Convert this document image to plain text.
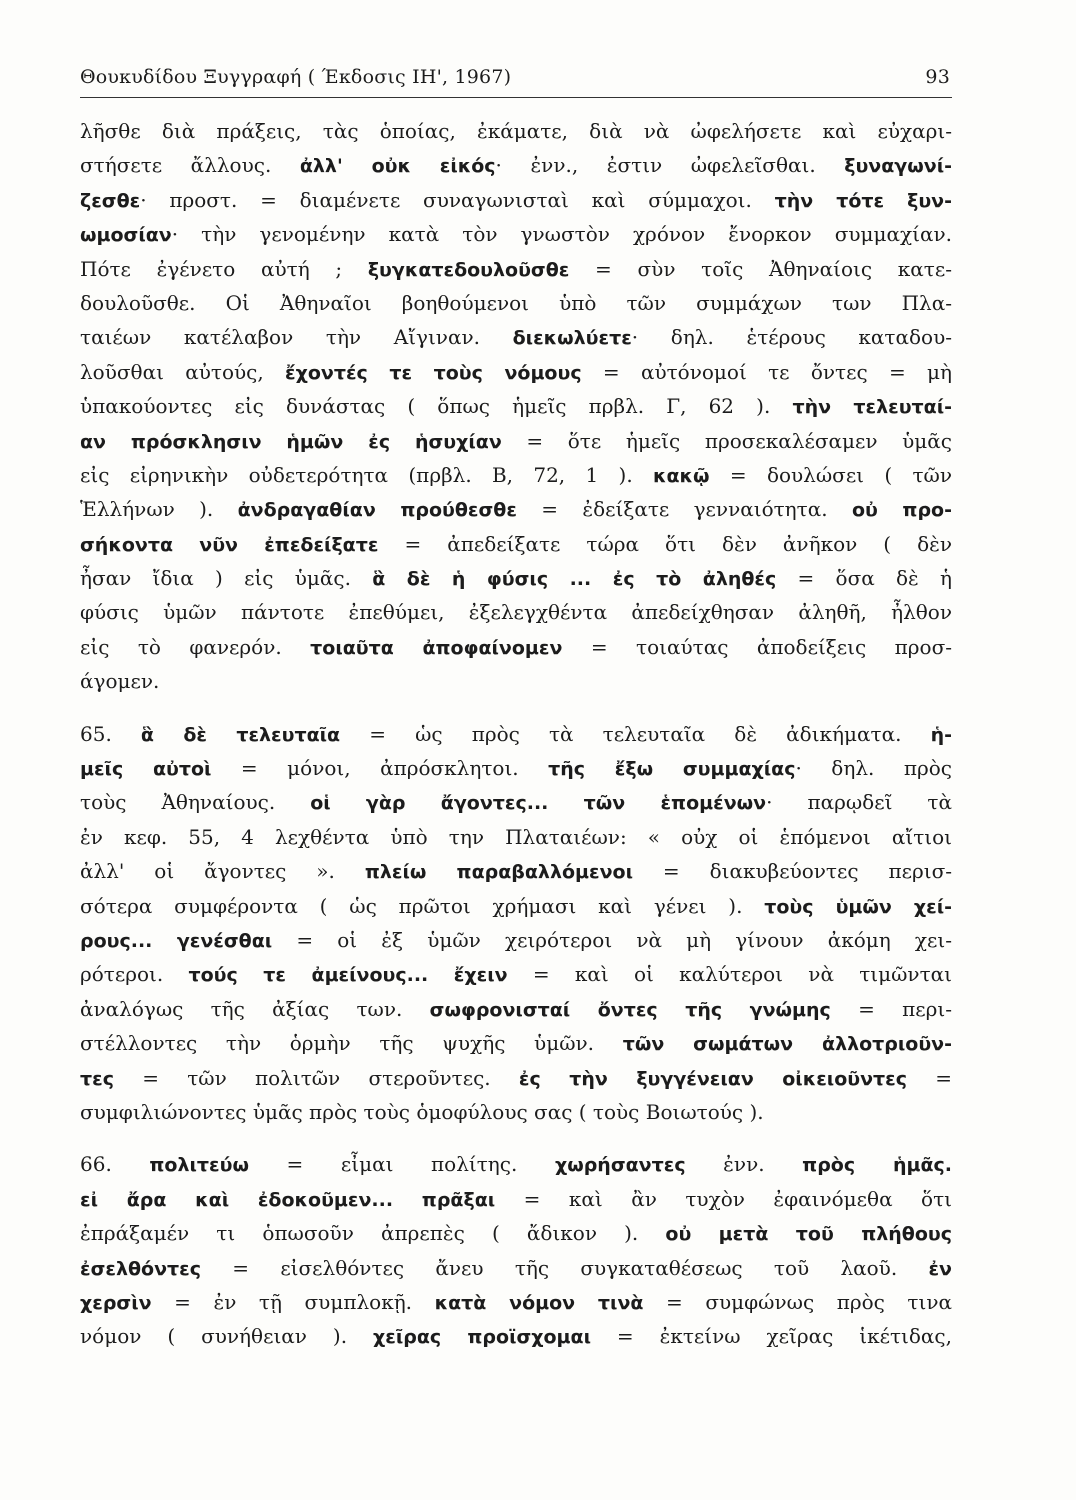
Θουκυδίδου Ξυγγραφή ( Έκδοσις ΙΗ', 1967)	93
λῆσθε διὰ πράξεις, τὰς ὁποίας, ἐκάματε, διὰ νὰ ὠφελήσετε καὶ εὐχαρι-
στήσετε ἄλλους. ἀλλ' οὐκ εἰκός· ἐνν., ἐστιν ὠφελεῖσθαι. ξυναγωνί-
ζεσθε· προστ. = διαμένετε συναγωνισταὶ καὶ σύμμαχοι. τὴν τότε ξυν-
ωμοσίαν· τὴν γενομένην κατὰ τὸν γνωστὸν χρόνον ἔνορκον συμμαχίαν.
Πότε ἐγένετο αὐτή ; ξυγκατεδουλοῦσθε = σὺν τοῖς Ἀθηναίοις κατε-
δουλοῦσθε. Οἱ Ἀθηναῖοι βοηθούμενοι ὑπὸ τῶν συμμάχων των Πλα-
ταιέων κατέλαβον τὴν Αἴγιναν. διεκωλύετε· δηλ. ἑτέρους καταδου-
λοῦσθαι αὐτούς, ἔχοντές τε τοὺς νόμους = αὐτόνομοί τε ὄντες = μὴ
ὑπακούοντες εἰς δυνάστας ( ὅπως ἡμεῖς πρβλ. Γ, 62 ). τὴν τελευταί-
αν πρόσκλησιν ἡμῶν ἐς ἡσυχίαν = ὅτε ἡμεῖς προσεκαλέσαμεν ὑμᾶς
εἰς εἰρηνικὴν οὐδετερότητα (πρβλ. Β, 72, 1 ). κακῷ = δουλώσει ( τῶν
Ἑλλήνων ). ἀνδραγαθίαν προύθεσθε = ἐδείξατε γενναιότητα. οὐ προ-
σήκοντα νῦν ἐπεδείξατε = ἀπεδείξατε τώρα ὅτι δὲν ἀνῆκον ( δὲν
ἦσαν ἴδια ) εἰς ὑμᾶς. ἃ δὲ ἡ φύσις ... ἐς τὸ ἀληθές = ὅσα δὲ ἡ
φύσις ὑμῶν πάντοτε ἐπεθύμει, ἐξελεγχθέντα ἀπεδείχθησαν ἀληθῆ, ἦλθον
εἰς τὸ φανερόν. τοιαῦτα ἀποφαίνομεν = τοιαύτας ἀποδείξεις προσ-
άγομεν.
65. ἃ δὲ τελευταῖα = ὡς πρὸς τὰ τελευταῖα δὲ ἀδικήματα. ἡ-
μεῖς αὐτοὶ = μόνοι, ἀπρόσκλητοι. τῆς ἔξω συμμαχίας· δηλ. πρὸς
τοὺς Ἀθηναίους. οἱ γὰρ ἄγοντες... τῶν ἑπομένων· παρῳδεῖ τὰ
ἐν κεφ. 55, 4 λεχθέντα ὑπὸ την Πλαταιέων: « οὐχ οἱ ἑπόμενοι αἴτιοι
ἀλλ' οἱ ἄγοντες ». πλείω παραβαλλόμενοι = διακυβεύοντες περισ-
σότερα συμφέροντα ( ὡς πρῶτοι χρήμασι καὶ γένει ). τοὺς ὑμῶν χεί-
ρους... γενέσθαι = οἱ ἐξ ὑμῶν χειρότεροι νὰ μὴ γίνουν ἀκόμη χει-
ρότεροι. τούς τε ἀμείνους... ἔχειν = καὶ οἱ καλύτεροι νὰ τιμῶνται
ἀναλόγως τῆς ἀξίας των. σωφρονισταί ὄντες τῆς γνώμης = περι-
στέλλοντες τὴν ὁρμὴν τῆς ψυχῆς ὑμῶν. τῶν σωμάτων ἀλλοτριοῦν-
τες = τῶν πολιτῶν στεροῦντες. ἐς τὴν ξυγγένειαν οἰκειοῦντες =
συμφιλιώνοντες ὑμᾶς πρὸς τοὺς ὁμοφύλους σας ( τοὺς Βοιωτούς ).
66. πολιτεύω = εἶμαι πολίτης. χωρήσαντες ἐνν. πρὸς ἡμᾶς.
εἰ ἄρα καὶ ἐδοκοῦμεν... πρᾶξαι = καὶ ἂν τυχὸν ἐφαινόμεθα ὅτι
ἐπράξαμέν τι ὁπωσοῦν ἀπρεπὲς ( ἄδικον ). οὐ μετὰ τοῦ πλήθους
ἐσελθόντες = εἰσελθόντες ἄνευ τῆς συγκαταθέσεως τοῦ λαοῦ. ἐν
χερσὶν = ἐν τῇ συμπλοκῇ. κατὰ νόμον τινὰ = συμφώνως πρὸς τινα
νόμον ( συνήθειαν ). χεῖρας προϊσχομαι = ἐκτείνω χεῖρας ἱκέτιδας,
